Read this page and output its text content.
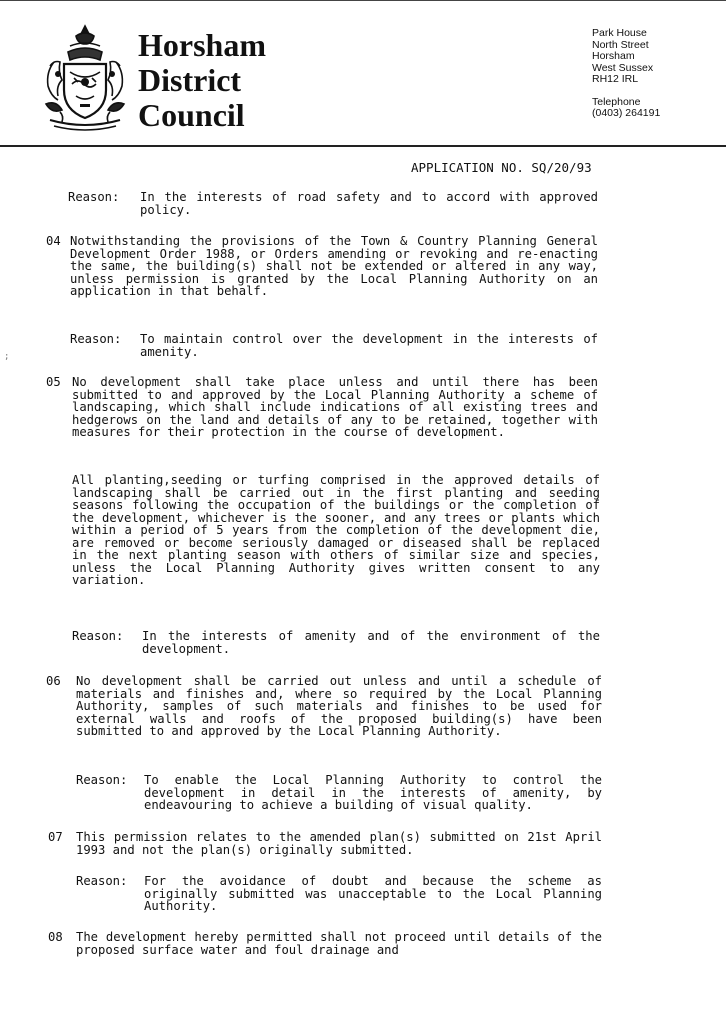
Horsham
District
Council
Park House
North Street
Horsham
West Sussex
RH12 IRL
Telephone
(0403) 264191
APPLICATION NO. SQ/20/93
;
Reason: In the interests of road safety and to accord with approved policy.
04 Notwithstanding the provisions of the Town & Country Planning General Development Order 1988, or Orders amending or revoking and re-enacting the same, the building(s) shall not be extended or altered in any way, unless permission is granted by the Local Planning Authority on an application in that behalf.
Reason: To maintain control over the development in the interests of amenity.
05 No development shall take place unless and until there has been submitted to and approved by the Local Planning Authority a scheme of landscaping, which shall include indications of all existing trees and hedgerows on the land and details of any to be retained, together with measures for their protection in the course of development.
All planting,seeding or turfing comprised in the approved details of landscaping shall be carried out in the first planting and seeding seasons following the occupation of the buildings or the completion of the development, whichever is the sooner, and any trees or plants which within a period of 5 years from the completion of the development die, are removed or become seriously damaged or diseased shall be replaced in the next planting season with others of similar size and species, unless the Local Planning Authority gives written consent to any variation.
Reason: In the interests of amenity and of the environment of the development.
06 No development shall be carried out unless and until a schedule of materials and finishes and, where so required by the Local Planning Authority, samples of such materials and finishes to be used for external walls and roofs of the proposed building(s) have been submitted to and approved by the Local Planning Authority.
Reason: To enable the Local Planning Authority to control the development in detail in the interests of amenity, by endeavouring to achieve a building of visual quality.
07 This permission relates to the amended plan(s) submitted on 21st April 1993 and not the plan(s) originally submitted.
Reason: For the avoidance of doubt and because the scheme as originally submitted was unacceptable to the Local Planning Authority.
08 The development hereby permitted shall not proceed until details of the proposed surface water and foul drainage and
